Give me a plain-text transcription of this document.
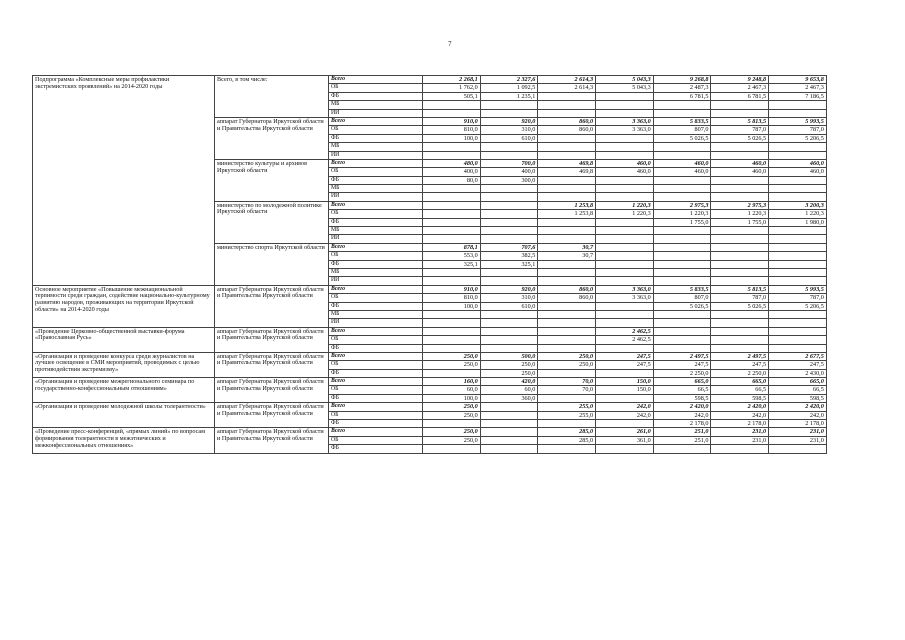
7
Подпрограмма «Комплексные меры профилактики экстремистских проявлений» на 2014-2020 годы	Всего, в том числе:	Всего	2 268,1	2 327,6	2 614,3	5 043,3	9 268,8	9 248,8	9 653,8
		ОБ	1 762,0	1 092,5	2 614,3	5 043,3	2 487,3	2 467,3	2 467,3
		ФБ	505,1	1 235,1			6 781,5	6 781,5	7 186,5
		МБ							
		ИИ							
	аппарат Губернатора Иркутской области и Правительства Иркутской области	Всего	910,0	920,0	860,0	3 363,0	5 833,5	5 813,5	5 993,5
		ОБ	810,0	310,0	860,0	3 363,0	807,0	787,0	787,0
		ФБ	100,0	610,0			5 026,5	5 026,5	5 206,5
		МБ							
		ИИ							
	министерство культуры и архивов Иркутской области	Всего	480,0	700,0	469,8	460,0	460,0	460,0	460,0
		ОБ	400,0	400,0	469,8	460,0	460,0	460,0	460,0
		ФБ	80,0	300,0					
		МБ							
		ИИ							
	министерство по молодежной политике Иркутской области	Всего			1 253,8	1 220,3	2 975,3	2 975,3	3 200,3
		ОБ			1 253,8	1 220,3	1 220,3	1 220,3	1 220,3
		ФБ					1 755,0	1 755,0	1 980,0
		МБ							
		ИИ							
	министерство спорта Иркутской области	Всего	878,1	707,6	30,7				
		ОБ	553,0	382,5	30,7				
		ФБ	325,1	325,1					
		МБ							
		ИИ							
Основное мероприятие «Повышение межнациональной терпимости среди граждан, содействие национально-культурному развитию народов, проживающих на территории Иркутской области» на 2014-2020 годы	аппарат Губернатора Иркутской области и Правительства Иркутской области	Всего	910,0	920,0	860,0	3 363,0	5 833,5	5 813,5	5 993,5
		ОБ	810,0	310,0	860,0	3 363,0	807,0	787,0	787,0
		ФБ	100,0	610,0			5 026,5	5 026,5	5 206,5
		МБ							
		ИИ							
«Проведение Церковно-общественной выставки-форума «Православная Русь»	аппарат Губернатора Иркутской области и Правительства Иркутской области	Всего				2 462,5			
		ОБ				2 462,5			
		ФБ							
«Организация и проведение конкурса среди журналистов на лучшее освещение в СМИ мероприятий, проводимых с целью противодействия экстремизму»	аппарат Губернатора Иркутской области и Правительства Иркутской области	Всего	250,0	500,0	250,0	247,5	2 497,5	2 497,5	2 677,5
		ОБ	250,0	250,0	250,0	247,5	247,5	247,5	247,5
		ФБ		250,0			2 250,0	2 250,0	2 430,0
«Организация и проведение межрегионального семинара по государственно-конфессиональным отношениям»	аппарат Губернатора Иркутской области и Правительства Иркутской области	Всего	160,0	420,0	70,0	150,0	665,0	665,0	665,0
		ОБ	60,0	60,0	70,0	150,0	66,5	66,5	66,5
		ФБ	100,0	360,0			598,5	598,5	598,5
«Организация и проведение молодежной школы толерантности»	аппарат Губернатора Иркутской области и Правительства Иркутской области	Всего	250,0		255,0	242,0	2 420,0	2 420,0	2 420,0
		ОБ	250,0		255,0	242,0	242,0	242,0	242,0
		ФБ					2 178,0	2 178,0	2 178,0
«Проведение пресс-конференций, «прямых линий» по вопросам формирования толерантности в межэтнических и межконфессиональных отношениях»	аппарат Губернатора Иркутской области и Правительства Иркутской области	Всего	250,0		285,0	261,0	251,0	231,0	231,0
		ОБ	250,0		285,0	361,0	251,0	231,0	231,0
		ФБ							
